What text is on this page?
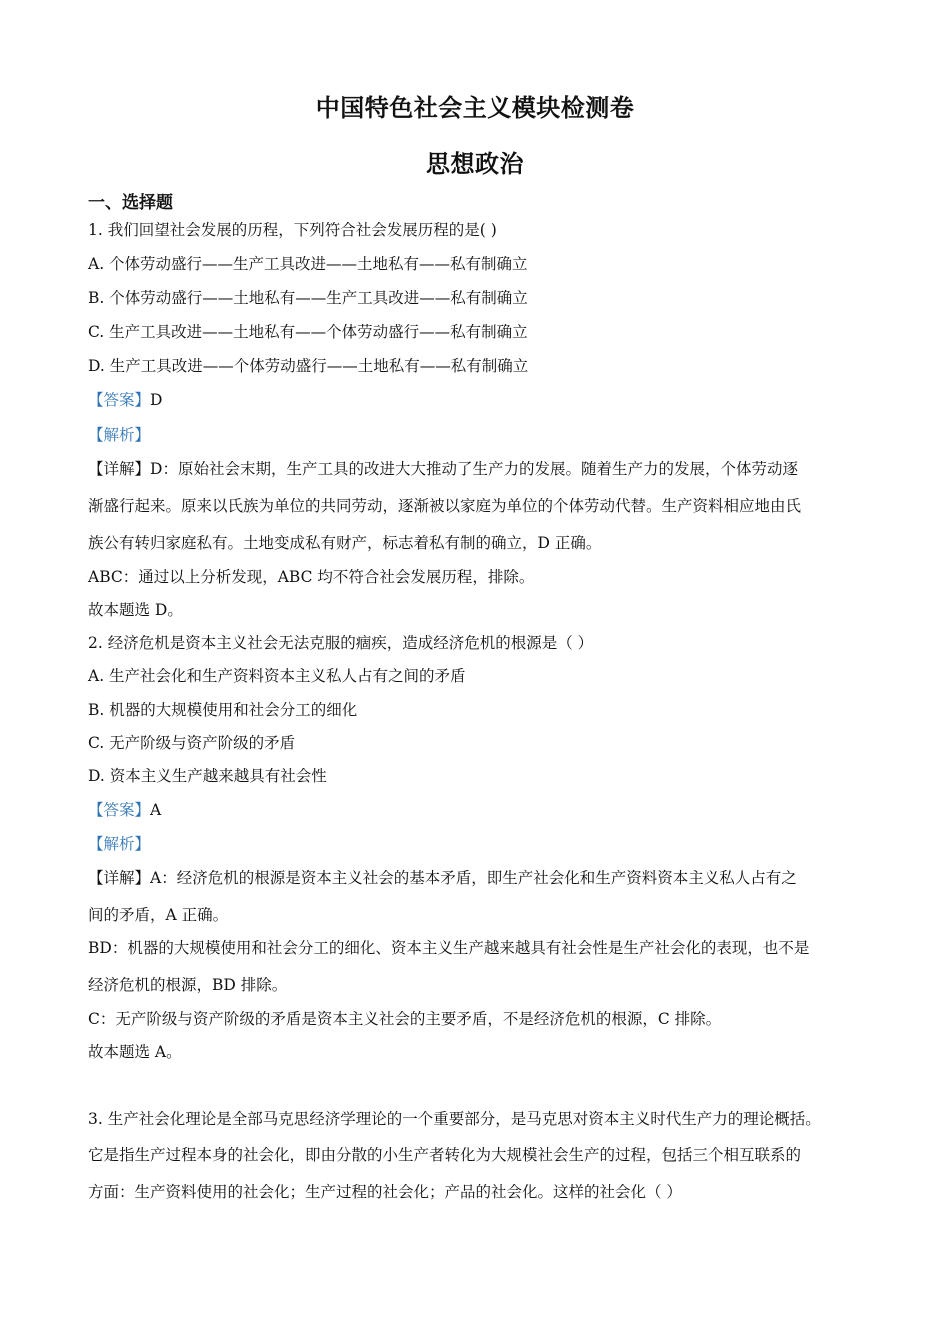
中国特色社会主义模块检测卷
思想政治
一、选择题
1. 我们回望社会发展的历程，下列符合社会发展历程的是( )
A. 个体劳动盛行——生产工具改进——土地私有——私有制确立
B. 个体劳动盛行——土地私有——生产工具改进——私有制确立
C. 生产工具改进——土地私有——个体劳动盛行——私有制确立
D. 生产工具改进——个体劳动盛行——土地私有——私有制确立
【答案】D
【解析】
【详解】D：原始社会末期，生产工具的改进大大推动了生产力的发展。随着生产力的发展，个体劳动逐
渐盛行起来。原来以氏族为单位的共同劳动，逐渐被以家庭为单位的个体劳动代替。生产资料相应地由氏
族公有转归家庭私有。土地变成私有财产，标志着私有制的确立，D 正确。
ABC：通过以上分析发现，ABC 均不符合社会发展历程，排除。
故本题选 D。
2. 经济危机是资本主义社会无法克服的痼疾，造成经济危机的根源是（ ）
A. 生产社会化和生产资料资本主义私人占有之间的矛盾
B. 机器的大规模使用和社会分工的细化
C. 无产阶级与资产阶级的矛盾
D. 资本主义生产越来越具有社会性
【答案】A
【解析】
【详解】A：经济危机的根源是资本主义社会的基本矛盾，即生产社会化和生产资料资本主义私人占有之
间的矛盾，A 正确。
BD：机器的大规模使用和社会分工的细化、资本主义生产越来越具有社会性是生产社会化的表现，也不是
经济危机的根源，BD 排除。
C：无产阶级与资产阶级的矛盾是资本主义社会的主要矛盾，不是经济危机的根源，C 排除。
故本题选 A。
3. 生产社会化理论是全部马克思经济学理论的一个重要部分，是马克思对资本主义时代生产力的理论概括。
它是指生产过程本身的社会化，即由分散的小生产者转化为大规模社会生产的过程，包括三个相互联系的
方面：生产资料使用的社会化；生产过程的社会化；产品的社会化。这样的社会化（ ）
